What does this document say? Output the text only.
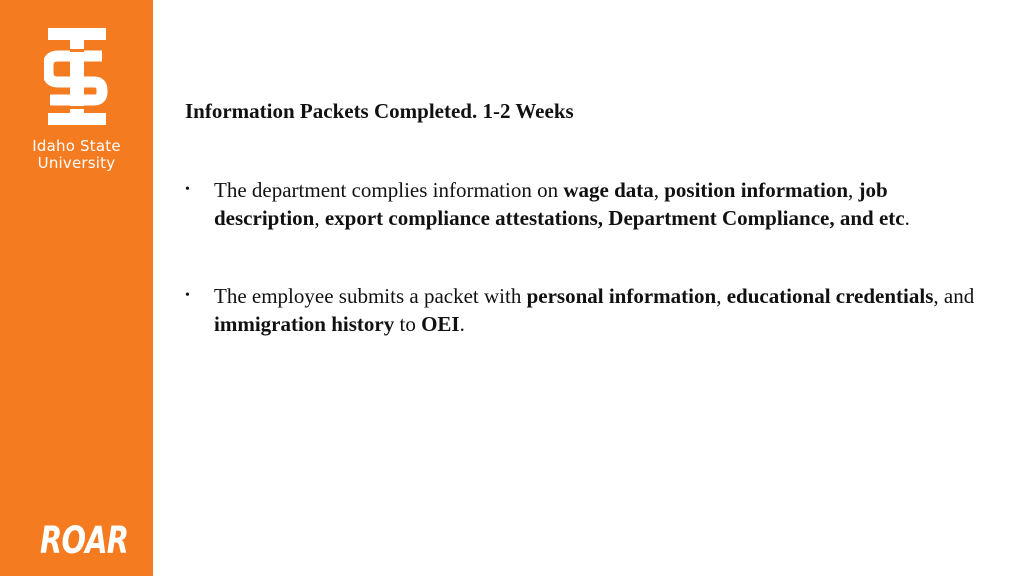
Idaho State
University
ROAR
Information Packets Completed. 1-2 Weeks
• The department complies information on wage data, position information, job description, export compliance attestations, Department Compliance, and etc.
• The employee submits a packet with personal information, educational credentials, and immigration history to OEI.
